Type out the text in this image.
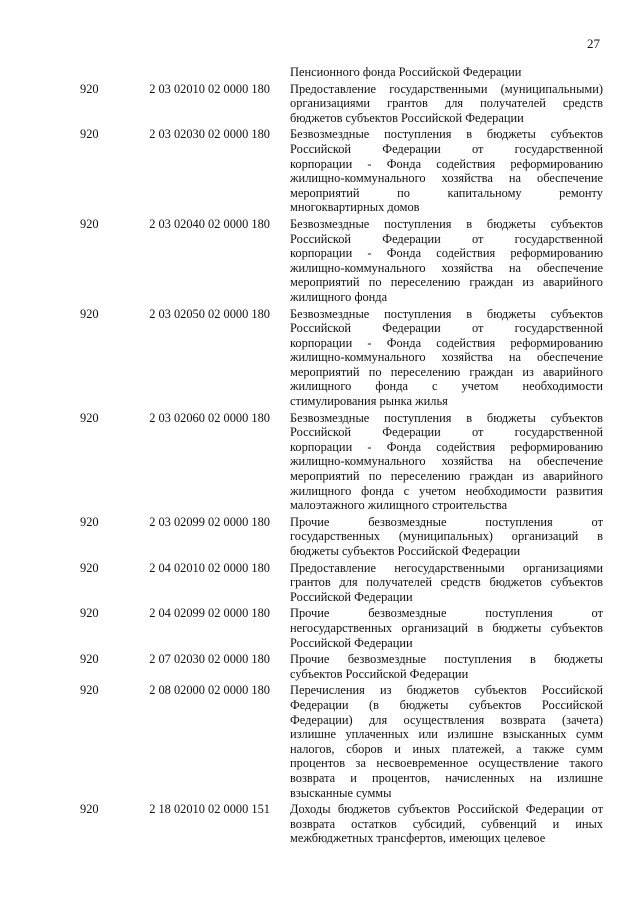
27
Пенсионного фонда Российской Федерации
920	2 03 02010 02 0000 180 Предоставление государственными (муниципальными)
организациями грантов для получателей средств
бюджетов субъектов Российской Федерации
920	2 03 02030 02 0000 180 Безвозмездные поступления в бюджеты субъектов
Российской Федерации от государственной
корпорации - Фонда содействия реформированию
жилищно-коммунального хозяйства на обеспечение
мероприятий по капитальному ремонту
многоквартирных домов
920	2 03 02040 02 0000 180 Безвозмездные поступления в бюджеты субъектов
Российской Федерации от государственной
корпорации - Фонда содействия реформированию
жилищно-коммунального хозяйства на обеспечение
мероприятий по переселению граждан из аварийного
жилищного фонда
920	2 03 02050 02 0000 180 Безвозмездные поступления в бюджеты субъектов
Российской Федерации от государственной
корпорации - Фонда содействия реформированию
жилищно-коммунального хозяйства на обеспечение
мероприятий по переселению граждан из аварийного
жилищного фонда с учетом необходимости
стимулирования рынка жилья
920	2 03 02060 02 0000 180 Безвозмездные поступления в бюджеты субъектов
Российской Федерации от государственной
корпорации - Фонда содействия реформированию
жилищно-коммунального хозяйства на обеспечение
мероприятий по переселению граждан из аварийного
жилищного фонда с учетом необходимости развития
малоэтажного жилищного строительства
920	2 03 02099 02 0000 180 Прочие безвозмездные поступления от
государственных (муниципальных) организаций в
бюджеты субъектов Российской Федерации
920	2 04 02010 02 0000 180 Предоставление негосударственными организациями
грантов для получателей средств бюджетов субъектов
Российской Федерации
920	2 04 02099 02 0000 180 Прочие безвозмездные поступления от
негосударственных организаций в бюджеты субъектов
Российской Федерации
920	2 07 02030 02 0000 180 Прочие безвозмездные поступления в бюджеты
субъектов Российской Федерации
920	2 08 02000 02 0000 180 Перечисления из бюджетов субъектов Российской
Федерации (в бюджеты субъектов Российской
Федерации) для осуществления возврата (зачета)
излишне уплаченных или излишне взысканных сумм
налогов, сборов и иных платежей, а также сумм
процентов за несвоевременное осуществление такого
возврата и процентов, начисленных на излишне
взысканные суммы
920	2 18 02010 02 0000 151 Доходы бюджетов субъектов Российской Федерации от
возврата остатков субсидий, субвенций и иных
межбюджетных трансфертов, имеющих целевое
